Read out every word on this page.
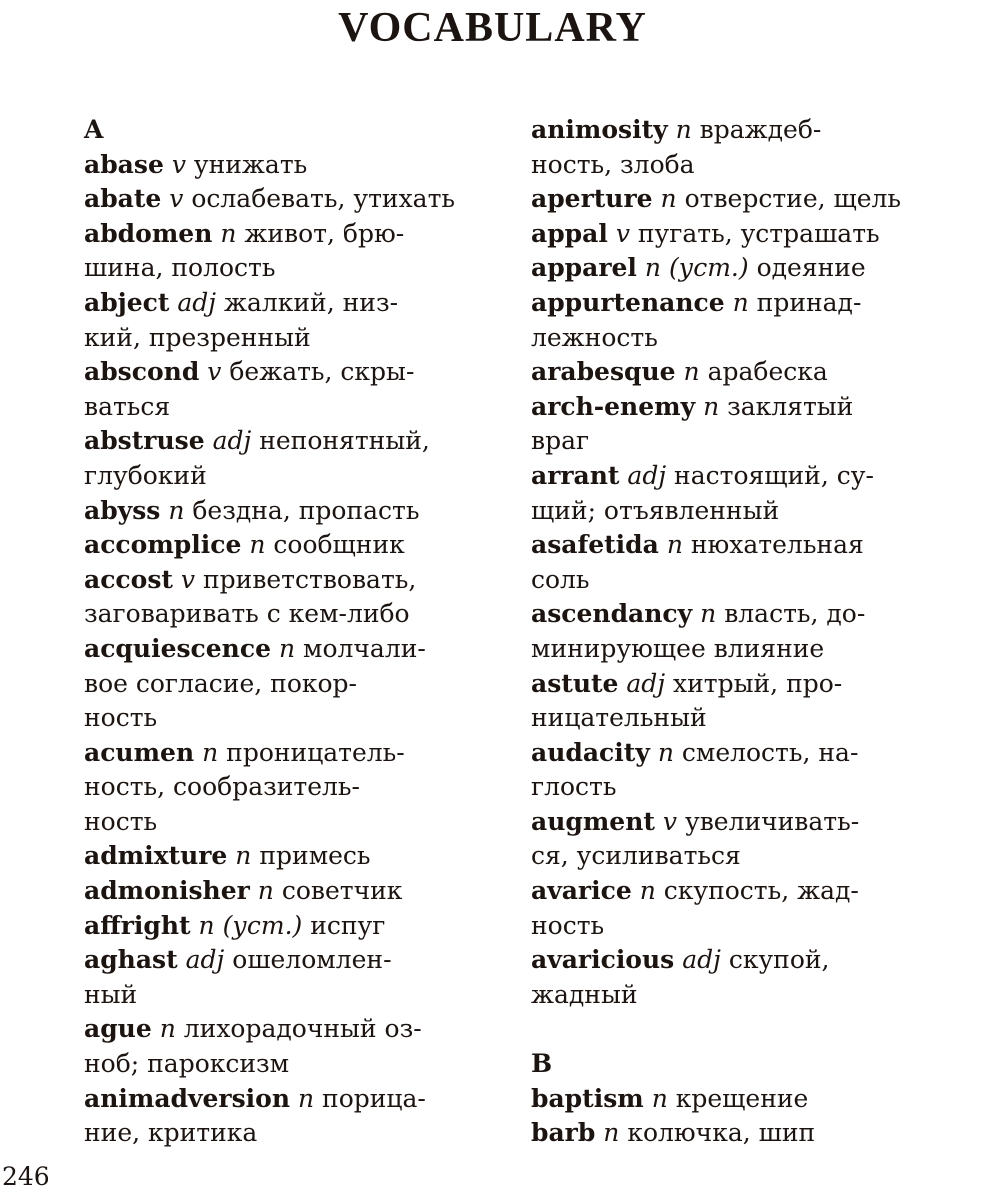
VOCABULARY
A
abase v унижать
abate v ослабевать, утихать
abdomen n живот, брю-
шина, полость
abject adj жалкий, низ-
кий, презренный
abscond v бежать, скры-
ваться
abstruse adj непонятный,
глубокий
abyss n бездна, пропасть
accomplice n сообщник
accost v приветствовать,
заговаривать с кем-либо
acquiescence n молчали-
вое согласие, покор-
ность
acumen n проницатель-
ность, сообразитель-
ность
admixture n примесь
admonisher n советчик
affright n (уст.) испуг
aghast adj ошеломлен-
ный
ague n лихорадочный оз-
ноб; пароксизм
animadversion n порица-
ние, критика
animosity n враждеб-
ность, злоба
aperture n отверстие, щель
appal v пугать, устрашать
apparel n (уст.) одеяние
appurtenance n принад-
лежность
arabesque n арабеска
arch-enemy n заклятый
враг
arrant adj настоящий, су-
щий; отъявленный
asafetida n нюхательная
соль
ascendancy n власть, до-
минирующее влияние
astute adj хитрый, про-
ницательный
audacity n смелость, на-
глость
augment v увеличивать-
ся, усиливаться
avarice n скупость, жад-
ность
avaricious adj скупой,
жадный
B
baptism n крещение
barb n колючка, шип
246
